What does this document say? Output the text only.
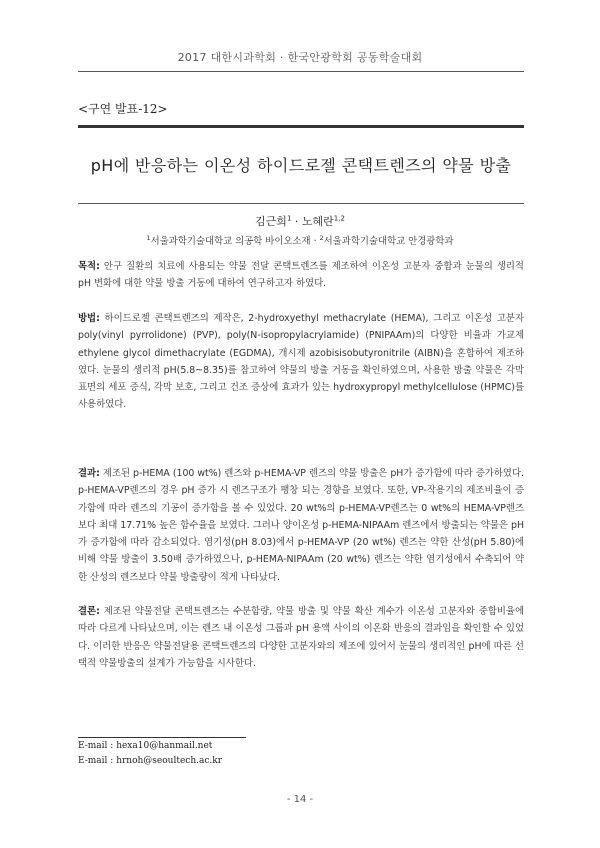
2017 대한시과학회 · 한국안광학회 공동학술대회
<구연 발표-12>
pH에 반응하는 이온성 하이드로젤 콘택트렌즈의 약물 방출
김근희$^1$ · 노혜란$^{1,2}$
$^1$서울과학기술대학교 의공학 바이오소재 · $^2$서울과학기술대학교 안경광학과
목적: 안구 질환의 치료에 사용되는 약물 전달 콘택트렌즈를 제조하여 이온성 고분자 중합과 눈물의 생리적 pH 변화에 대한 약물 방출 거동에 대하여 연구하고자 하였다.
방법: 하이드로젤 콘택트렌즈의 제작은, 2-hydroxyethyl methacrylate (HEMA), 그리고 이온성 고분자 poly(vinyl pyrrolidone) (PVP), poly(N-isopropylacrylamide) (PNIPAAm)의 다양한 비율과 가교제 ethylene glycol dimethacrylate (EGDMA), 개시제 azobisisobutyronitrile (AIBN)을 혼합하여 제조하였다. 눈물의 생리적 pH(5.8~8.35)를 참고하여 약물의 방출 거동을 확인하였으며, 사용한 방출 약물은 각막표면의 세포 증식, 각막 보호, 그리고 건조 증상에 효과가 있는 hydroxypropyl methylcellulose (HPMC)를 사용하였다.
결과: 제조된 p-HEMA (100 wt%) 렌즈와 p-HEMA-VP 렌즈의 약물 방출은 pH가 증가함에 따라 증가하였다. p-HEMA-VP렌즈의 경우 pH 증가 시 렌즈구조가 팽창 되는 경향을 보였다. 또한, VP-작용기의 제조비율이 증가함에 따라 렌즈의 기공이 증가함을 볼 수 있었다. 20 wt%의 p-HEMA-VP렌즈는 0 wt%의 HEMA-VP렌즈보다 최대 17.71% 높은 함수율을 보였다. 그러나 양이온성 p-HEMA-NIPAAm 렌즈에서 방출되는 약물은 pH가 증가함에 따라 감소되었다. 염기성(pH 8.03)에서 p-HEMA-VP (20 wt%) 렌즈는 약한 산성(pH 5.80)에 비해 약물 방출이 3.50배 증가하였으나, p-HEMA-NIPAAm (20 wt%) 렌즈는 약한 염기성에서 수축되어 약한 산성의 렌즈보다 약물 방출량이 적게 나타났다.
결론: 제조된 약물전달 콘택트렌즈는 수분함량, 약물 방출 및 약물 확산 계수가 이온성 고분자와 중합비율에 따라 다르게 나타났으며, 이는 렌즈 내 이온성 그룹과 pH 용액 사이의 이온화 반응의 결과임을 확인할 수 있었다. 이러한 반응은 약물전달용 콘택트렌즈의 다양한 고분자와의 제조에 있어서 눈물의 생리적인 pH에 따른 선택적 약물방출의 설계가 가능함을 시사한다.
E-mail : hexa10@hanmail.net
E-mail : hrnoh@seoultech.ac.kr
- 14 -
